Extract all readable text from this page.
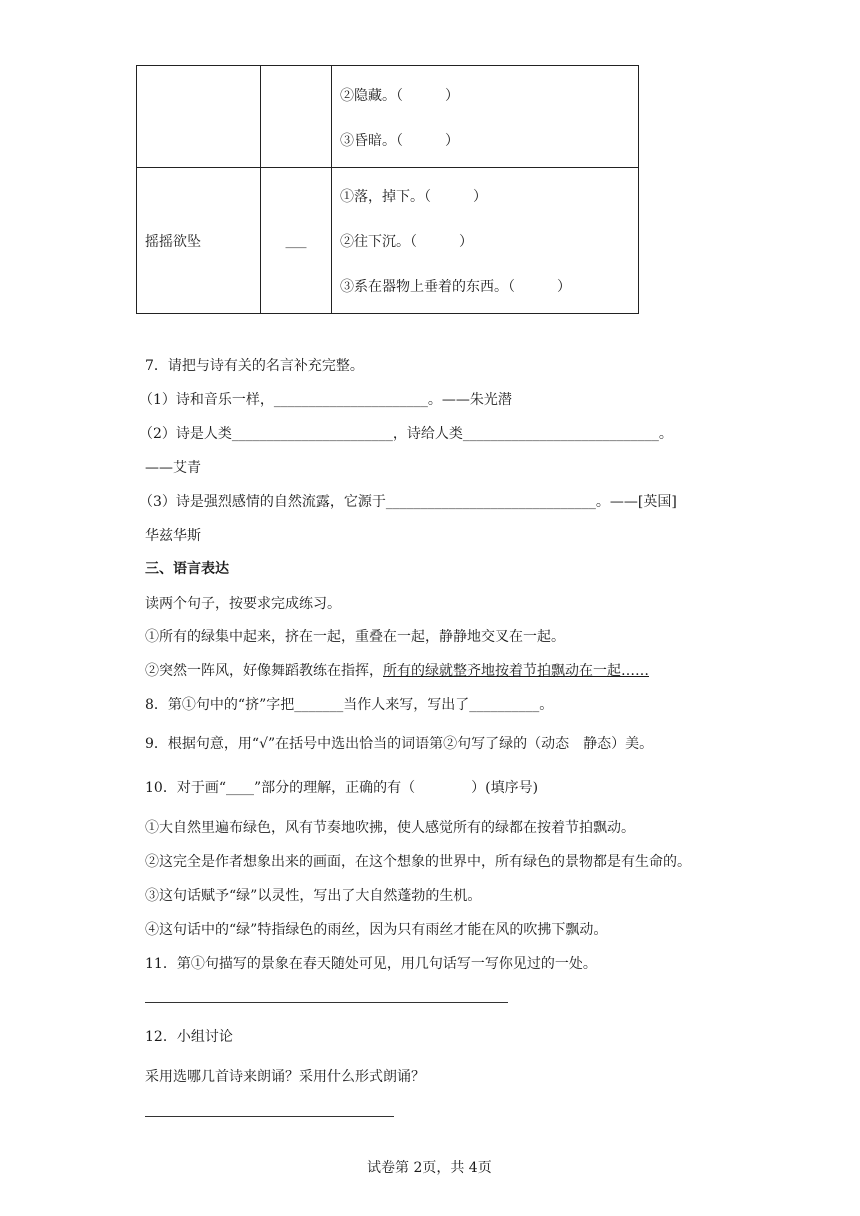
②隐藏。（　　　）
③昏暗。（　　　）

摇摇欲坠	___	①落，掉下。（　　　）
②往下沉。（　　　）
③系在器物上垂着的东西。（　　　）
7．请把与诗有关的名言补充完整。
（1）诗和音乐一样，______________________。——朱光潜
（2）诗是人类_______________________，诗给人类____________________________。
——艾青
（3）诗是强烈感情的自然流露，它源于______________________________。——[英国]
华兹华斯
三、语言表达
读两个句子，按要求完成练习。
①所有的绿集中起来，挤在一起，重叠在一起，静静地交叉在一起。
②突然一阵风，好像舞蹈教练在指挥，所有的绿就整齐地按着节拍飘动在一起……
8．第①句中的“挤”字把_______当作人来写，写出了__________。
9．根据句意，用“√”在括号中选出恰当的词语第②句写了绿的（动态　静态）美。
10．对于画“____”部分的理解，正确的有（　　　　）(填序号)
①大自然里遍布绿色，风有节奏地吹拂，使人感觉所有的绿都在按着节拍飘动。
②这完全是作者想象出来的画面，在这个想象的世界中，所有绿色的景物都是有生命的。
③这句话赋予“绿”以灵性，写出了大自然蓬勃的生机。
④这句话中的“绿”特指绿色的雨丝，因为只有雨丝才能在风的吹拂下飘动。
11．第①句描写的景象在春天随处可见，用几句话写一写你见过的一处。
12．小组讨论
采用选哪几首诗来朗诵？采用什么形式朗诵？
试卷第 2页，共 4页
